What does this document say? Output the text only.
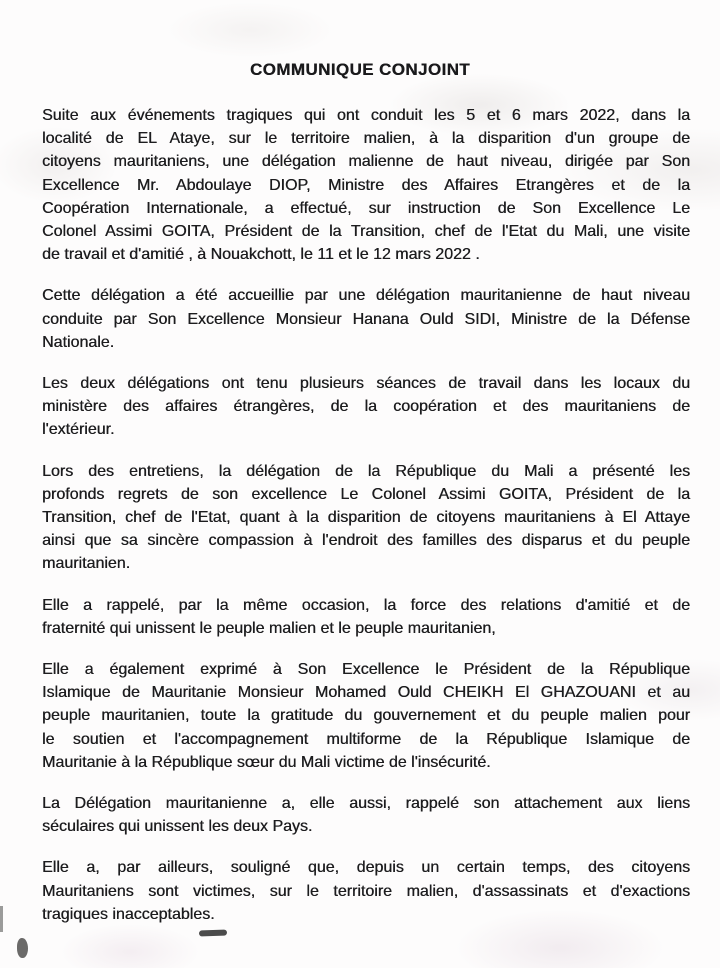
COMMUNIQUE CONJOINT

Suite aux événements tragiques qui ont conduit les 5 et 6 mars 2022, dans la
localité de EL Ataye, sur le territoire malien, à la disparition d'un groupe de
citoyens mauritaniens, une délégation malienne de haut niveau, dirigée par Son
Excellence Mr. Abdoulaye DIOP, Ministre des Affaires Etrangères et de la
Coopération Internationale, a effectué, sur instruction de Son Excellence Le
Colonel Assimi GOITA, Président de la Transition, chef de l'Etat du Mali, une visite
de travail et d'amitié , à Nouakchott, le 11 et le 12 mars 2022 .

Cette délégation a été accueillie par une délégation mauritanienne de haut niveau
conduite par Son Excellence Monsieur Hanana Ould SIDI, Ministre de la Défense
Nationale.

Les deux délégations ont tenu plusieurs séances de travail dans les locaux du
ministère des affaires étrangères, de la coopération et des mauritaniens de
l'extérieur.

Lors des entretiens, la délégation de la République du Mali a présenté les
profonds regrets de son excellence Le Colonel Assimi GOITA, Président de la
Transition, chef de l'Etat, quant à la disparition de citoyens mauritaniens à El Attaye
ainsi que sa sincère compassion à l'endroit des familles des disparus et du peuple
mauritanien.

Elle a rappelé, par la même occasion, la force des relations d'amitié et de
fraternité qui unissent le peuple malien et le peuple mauritanien,

Elle a également exprimé à Son Excellence le Président de la République
Islamique de Mauritanie Monsieur Mohamed Ould CHEIKH El GHAZOUANI et au
peuple mauritanien, toute la gratitude du gouvernement et du peuple malien pour
le soutien et l'accompagnement multiforme de la République Islamique de
Mauritanie à la République sœur du Mali victime de l'insécurité.

La Délégation mauritanienne a, elle aussi, rappelé son attachement aux liens
séculaires qui unissent les deux Pays.

Elle a, par ailleurs, souligné que, depuis un certain temps, des citoyens
Mauritaniens sont victimes, sur le territoire malien, d'assassinats et d'exactions
tragiques inacceptables.
